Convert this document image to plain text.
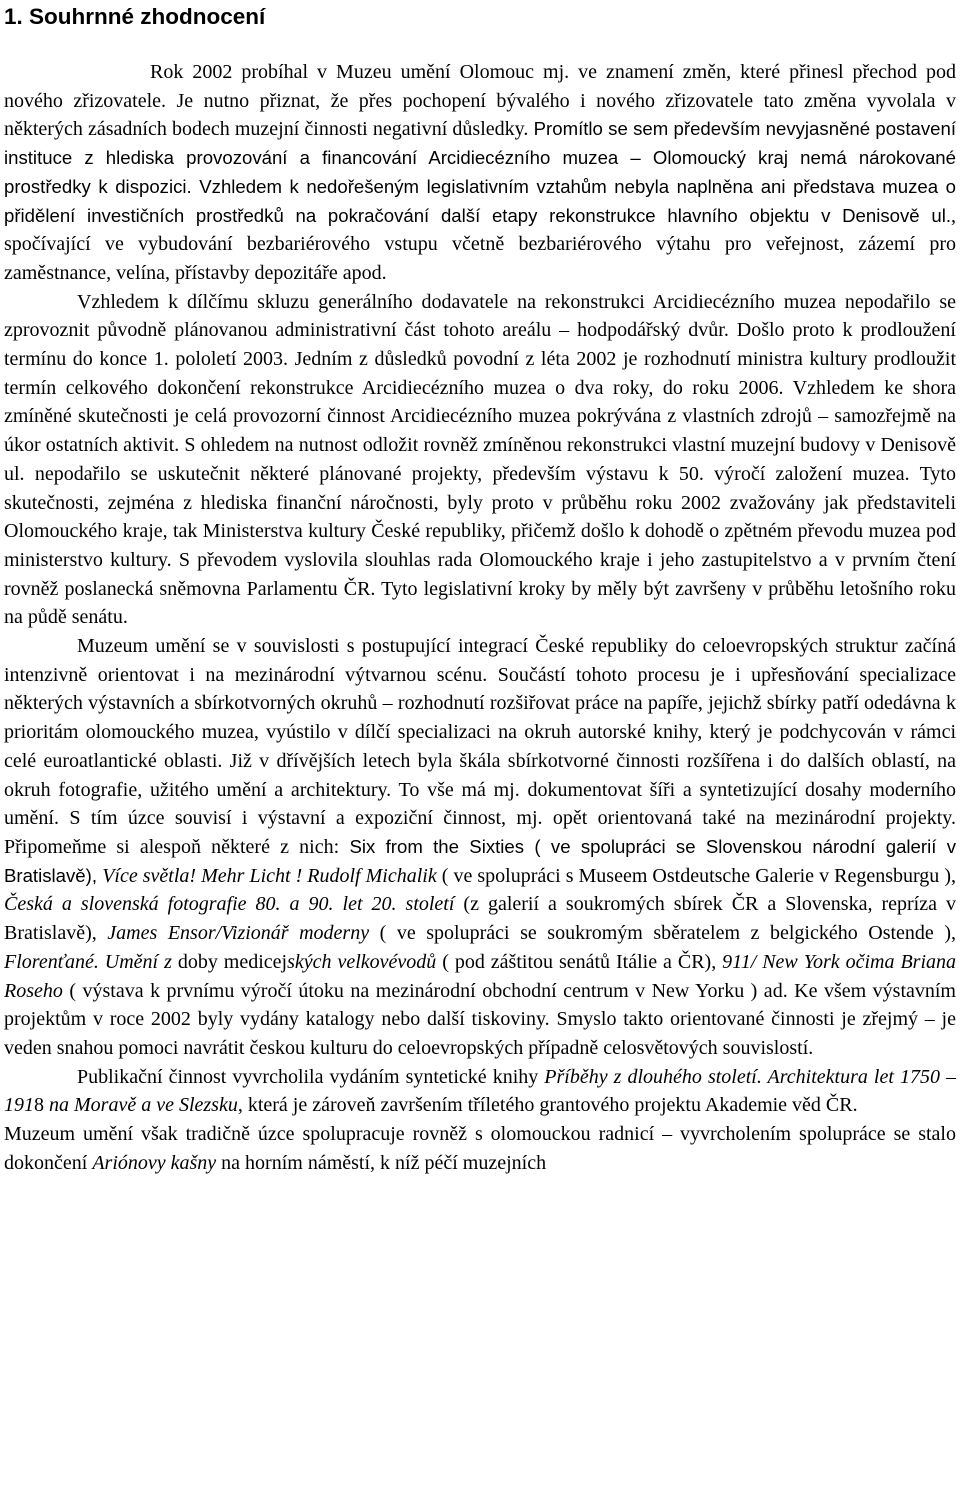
1. Souhrnné zhodnocení

Rok 2002 probíhal v Muzeu umění Olomouc mj. ve znamení změn, které přinesl přechod pod nového zřizovatele. Je nutno přiznat, že přes pochopení bývalého i nového zřizovatele tato změna vyvolala v některých zásadních bodech muzejní činnosti negativní důsledky. Promítlo se sem především nevyjasněné postavení instituce z hlediska provozování a financování Arcidiecézního muzea – Olomoucký kraj nemá nárokované prostředky k dispozici. Vzhledem k nedořešeným legislativním vztahům nebyla naplněna ani představa muzea o přidělení investičních prostředků na pokračování další etapy rekonstrukce hlavního objektu v Denisově ul., spočívající ve vybudování bezbariérového vstupu včetně bezbariérového výtahu pro veřejnost, zázemí pro zaměstnance, velína, přístavby depozitáře apod.

Vzhledem k dílčímu skluzu generálního dodavatele na rekonstrukci Arcidiecézního muzea nepodařilo se zprovoznit původně plánovanou administrativní část tohoto areálu – hodpodářský dvůr. Došlo proto k prodloužení termínu do konce 1. pololetí 2003. Jedním z důsledků povodní z léta 2002 je rozhodnutí ministra kultury prodloužit termín celkového dokončení rekonstrukce Arcidiecézního muzea o dva roky, do roku 2006. Vzhledem ke shora zmíněné skutečnosti je celá provozorní činnost Arcidiecézního muzea pokrývána z vlastních zdrojů – samozřejmě na úkor ostatních aktivit. S ohledem na nutnost odložit rovněž zmíněnou rekonstrukci vlastní muzejní budovy v Denisově ul. nepodařilo se uskutečnit některé plánované projekty, především výstavu k 50. výročí založení muzea. Tyto skutečnosti, zejména z hlediska finanční náročnosti, byly proto v průběhu roku 2002 zvažovány jak představiteli Olomouckého kraje, tak Ministerstva kultury České republiky, přičemž došlo k dohodě o zpětném převodu muzea pod ministerstvo kultury. S převodem vyslovila slouhlas rada Olomouckého kraje i jeho zastupitelstvo a v prvním čtení rovněž poslanecká sněmovna Parlamentu ČR. Tyto legislativní kroky by měly být završeny v průběhu letošního roku na půdě senátu.

Muzeum umění se v souvislosti s postupující integrací České republiky do celoevropských struktur začíná intenzivně orientovat i na mezinárodní výtvarnou scénu. Součástí tohoto procesu je i upřesňování specializace některých výstavních a sbírkotvorných okruhů – rozhodnutí rozšiřovat práce na papíře, jejichž sbírky patří odedávna k prioritám olomouckého muzea, vyústilo v dílčí specializaci na okruh autorské knihy, který je podchycován v rámci celé euroatlantické oblasti. Již v dřívějších letech byla škála sbírkotvorné činnosti rozšířena i do dalších oblastí, na okruh fotografie, užitého umění a architektury. To vše má mj. dokumentovat šíři a syntetizující dosahy moderního umění. S tím úzce souvisí i výstavní a expoziční činnost, mj. opět orientovaná také na mezinárodní projekty. Připomeňme si alespoň některé z nich: Six from the Sixties ( ve spolupráci se Slovenskou národní galerií v Bratislavě), Více světla! Mehr Licht ! Rudolf Michalik ( ve spolupráci s Museem Ostdeutsche Galerie v Regensburgu ), Česká a slovenská fotografie 80. a 90. let 20. století (z galerií a soukromých sbírek ČR a Slovenska, repríza v Bratislavě), James Ensor/Vizionář moderny ( ve spolupráci se soukromým sběratelem z belgického Ostende ), Florenťané. Umění z doby medicejských velkovévodů ( pod záštitou senátů Itálie a ČR), 911/ New York očima Briana Roseho ( výstava k prvnímu výročí útoku na mezinárodní obchodní centrum v New Yorku ) ad. Ke všem výstavním projektům v roce 2002 byly vydány katalogy nebo další tiskoviny. Smyslo takto orientované činnosti je zřejmý – je veden snahou pomoci navrátit českou kulturu do celoevropských případně celosvětových souvislostí.

Publikační činnost vyvrcholila vydáním syntetické knihy Příběhy z dlouhého století. Architektura let 1750 – 1918 na Moravě a ve Slezsku, která je zároveň završením tříletého grantového projektu Akademie věd ČR.

Muzeum umění však tradičně úzce spolupracuje rovněž s olomouckou radnicí – vyvrcholením spolupráce se stalo dokončení Ariónovy kašny na horním náměstí, k níž péčí muzejních
